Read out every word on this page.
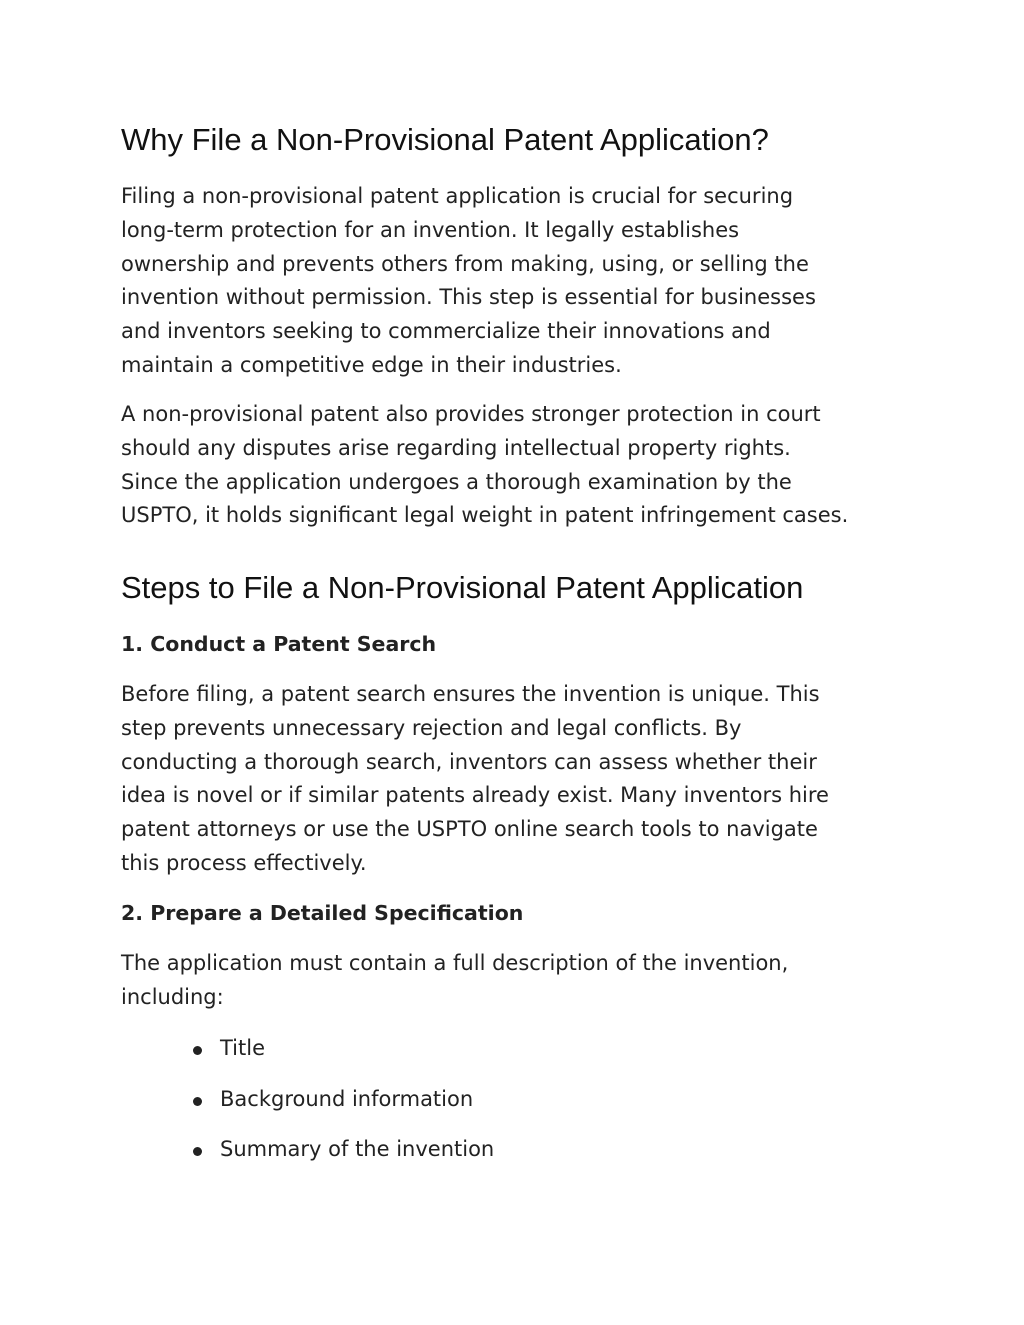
Why File a Non-Provisional Patent Application?

Filing a non-provisional patent application is crucial for securing
long-term protection for an invention. It legally establishes
ownership and prevents others from making, using, or selling the
invention without permission. This step is essential for businesses
and inventors seeking to commercialize their innovations and
maintain a competitive edge in their industries.

A non-provisional patent also provides stronger protection in court
should any disputes arise regarding intellectual property rights.
Since the application undergoes a thorough examination by the
USPTO, it holds significant legal weight in patent infringement cases.

Steps to File a Non-Provisional Patent Application
1. Conduct a Patent Search

Before filing, a patent search ensures the invention is unique. This
step prevents unnecessary rejection and legal conflicts. By
conducting a thorough search, inventors can assess whether their
idea is novel or if similar patents already exist. Many inventors hire
patent attorneys or use the USPTO online search tools to navigate
this process effectively.

2. Prepare a Detailed Specification

The application must contain a full description of the invention,
including:

Title
Background information
Summary of the invention
